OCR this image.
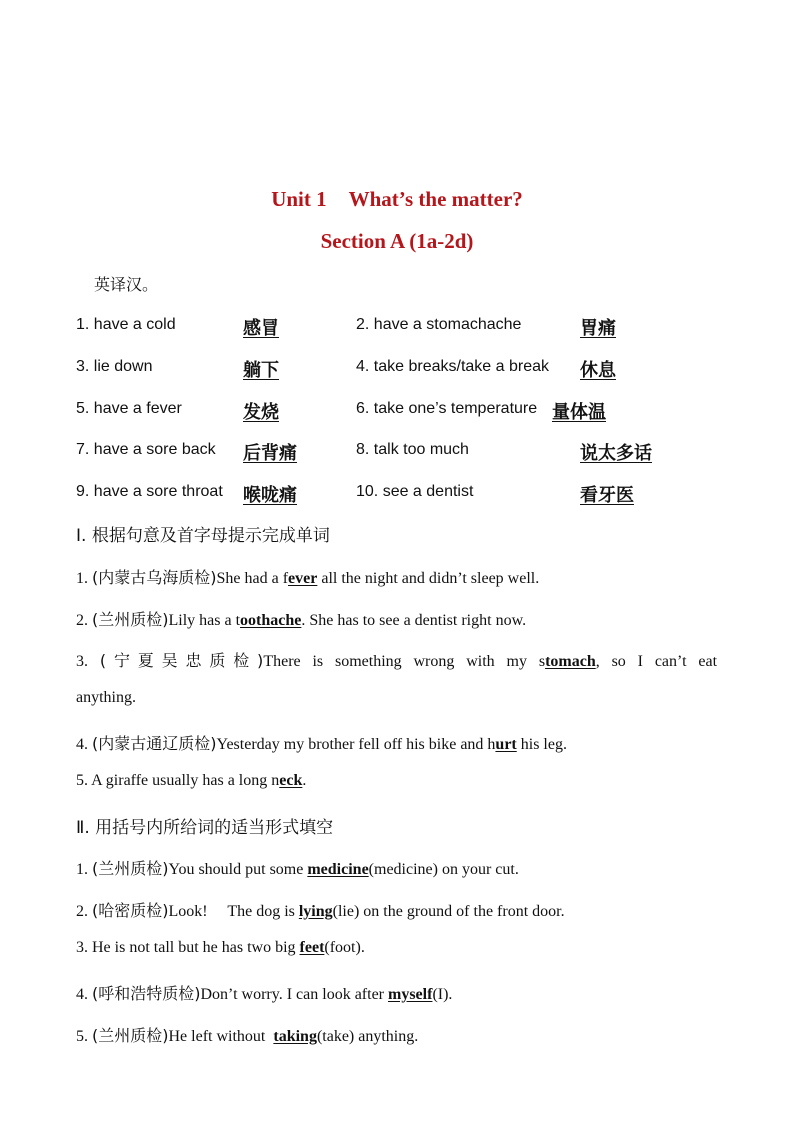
Unit 1 What’s the matter?
Section A (1a-2d)
英译汉。
1. have a cold	感冒	2. have a stomachache	胃痛
3. lie down	躺下	4. take breaks/take a break 休息
5. have a fever	发烧	6. take one’s temperature 量体温
7. have a sore back 后背痛	8. talk too much	说太多话
9. have a sore throat 喉咙痛	10. see a dentist	看牙医
Ⅰ. 根据句意及首字母提示完成单词
1. (内蒙古乌海质检)She had a fever all the night and didn’t sleep well.
2. (兰州质检)Lily has a toothache. She has to see a dentist right now.
3. (宁夏吴忠质检)There is something wrong with my stomach, so I can’t eat
anything.
4. (内蒙古通辽质检)Yesterday my brother fell off his bike and hurt his leg.
5. A giraffe usually has a long neck.
Ⅱ. 用括号内所给词的适当形式填空
1. (兰州质检)You should put some medicine(medicine) on your cut.
2. (哈密质检)Look!     The dog is lying(lie) on the ground of the front door.
3. He is not tall but he has two big feet(foot).
4. (呼和浩特质检)Don’t worry. I can look after myself(I).
5. (兰州质检)He left without  taking(take) anything.
